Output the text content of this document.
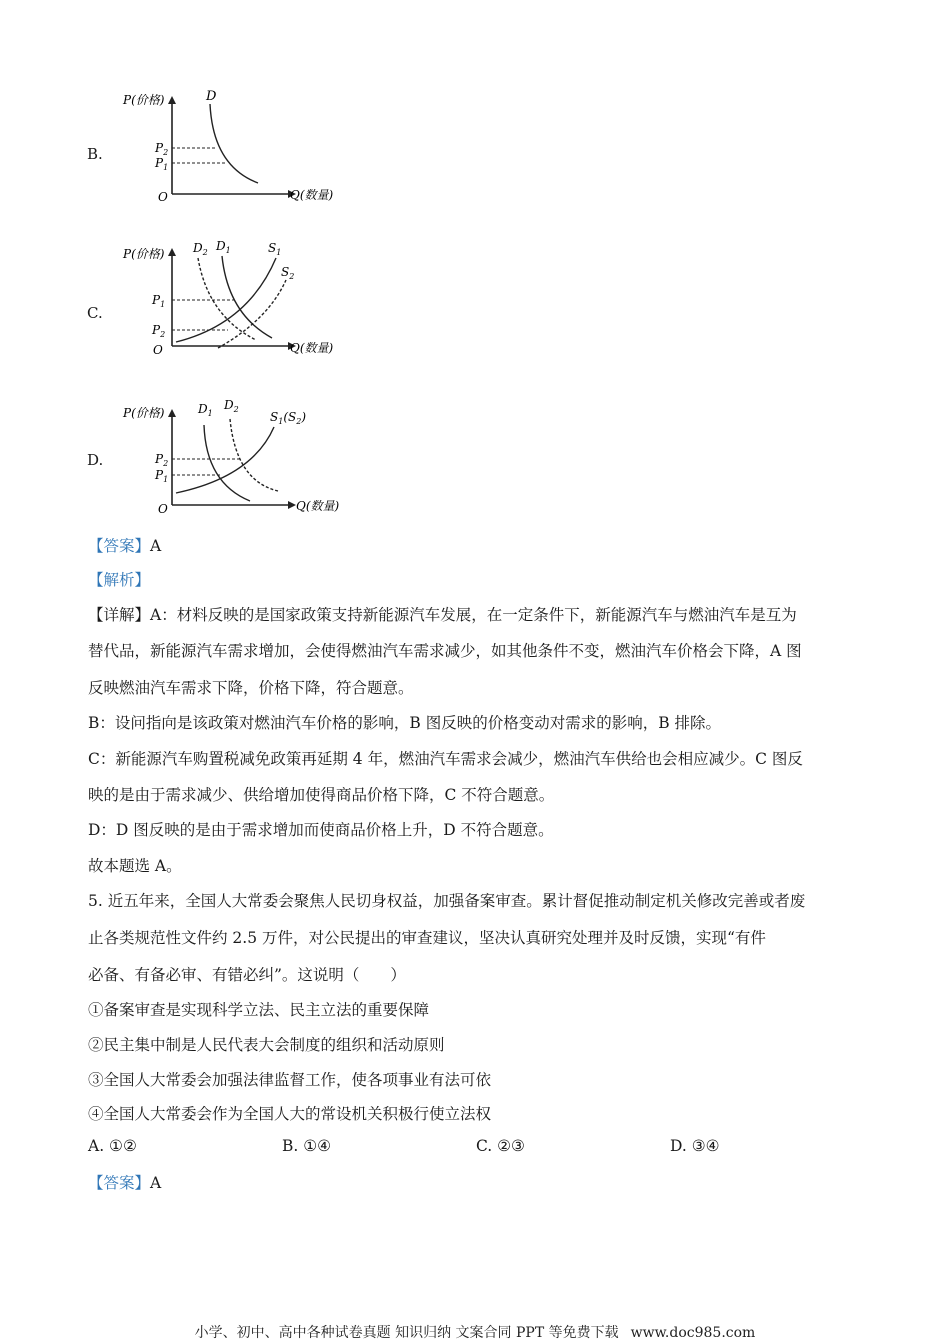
B.
P(价格)	D
Q(数量)
O
$P_2$
$P_1$
C.
P(价格) $D_2$ $D_1$	$S_1$
$S_2$
Q(数量)
O
$P_1$
$P_2$
D.
P(价格)	$D_1$
$D_2$
$S_1(S_2)$
Q(数量)
O
$P_2$
$P_1$
【答案】A
【解析】
【详解】A：材料反映的是国家政策支持新能源汽车发展，在一定条件下，新能源汽车与燃油汽车是互为
替代品，新能源汽车需求增加，会使得燃油汽车需求减少，如其他条件不变，燃油汽车价格会下降，A 图
反映燃油汽车需求下降，价格下降，符合题意。
B：设问指向是该政策对燃油汽车价格的影响，B 图反映的价格变动对需求的影响，B 排除。
C：新能源汽车购置税减免政策再延期 4 年，燃油汽车需求会减少，燃油汽车供给也会相应减少。C 图反
映的是由于需求减少、供给增加使得商品价格下降，C 不符合题意。
D：D 图反映的是由于需求增加而使商品价格上升，D 不符合题意。
故本题选 A。
5. 近五年来，全国人大常委会聚焦人民切身权益，加强备案审查。累计督促推动制定机关修改完善或者废
止各类规范性文件约 2.5 万件，对公民提出的审查建议，坚决认真研究处理并及时反馈，实现“有件
必备、有备必审、有错必纠”。这说明（　　）
①备案审查是实现科学立法、民主立法的重要保障
②民主集中制是人民代表大会制度的组织和活动原则
③全国人大常委会加强法律监督工作，使各项事业有法可依
④全国人大常委会作为全国人大的常设机关积极行使立法权
A. ①②	B. ①④	C. ②③	D. ③④
【答案】A
小学、初中、高中各种试卷真题 知识归纳 文案合同 PPT 等免费下载 www.doc985.com
